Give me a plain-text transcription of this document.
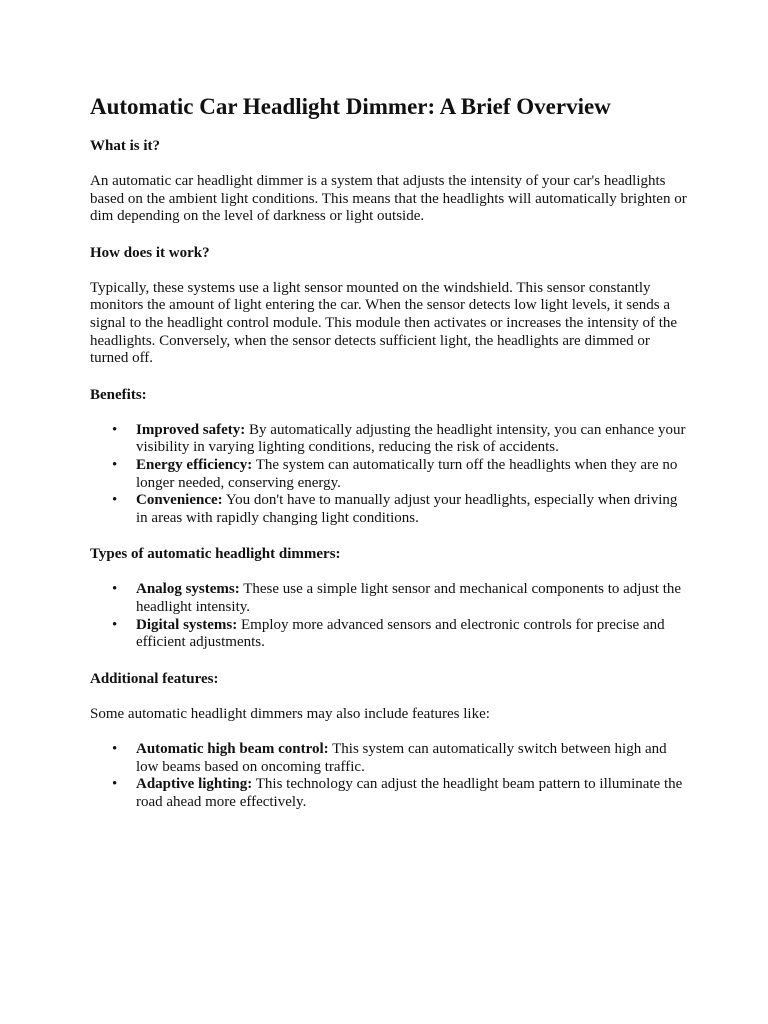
Automatic Car Headlight Dimmer: A Brief Overview
What is it?

An automatic car headlight dimmer is a system that adjusts the intensity of your car's headlights based on the ambient light conditions. This means that the headlights will automatically brighten or dim depending on the level of darkness or light outside.

How does it work?

Typically, these systems use a light sensor mounted on the windshield. This sensor constantly monitors the amount of light entering the car. When the sensor detects low light levels, it sends a signal to the headlight control module. This module then activates or increases the intensity of the headlights. Conversely, when the sensor detects sufficient light, the headlights are dimmed or turned off.

Benefits:
• Improved safety: By automatically adjusting the headlight intensity, you can enhance your visibility in varying lighting conditions, reducing the risk of accidents.
• Energy efficiency: The system can automatically turn off the headlights when they are no longer needed, conserving energy.
• Convenience: You don't have to manually adjust your headlights, especially when driving in areas with rapidly changing light conditions.
Types of automatic headlight dimmers:
• Analog systems: These use a simple light sensor and mechanical components to adjust the headlight intensity.
• Digital systems: Employ more advanced sensors and electronic controls for precise and efficient adjustments.
Additional features:

Some automatic headlight dimmers may also include features like:

• Automatic high beam control: This system can automatically switch between high and low beams based on oncoming traffic.
• Adaptive lighting: This technology can adjust the headlight beam pattern to illuminate the road ahead more effectively.
